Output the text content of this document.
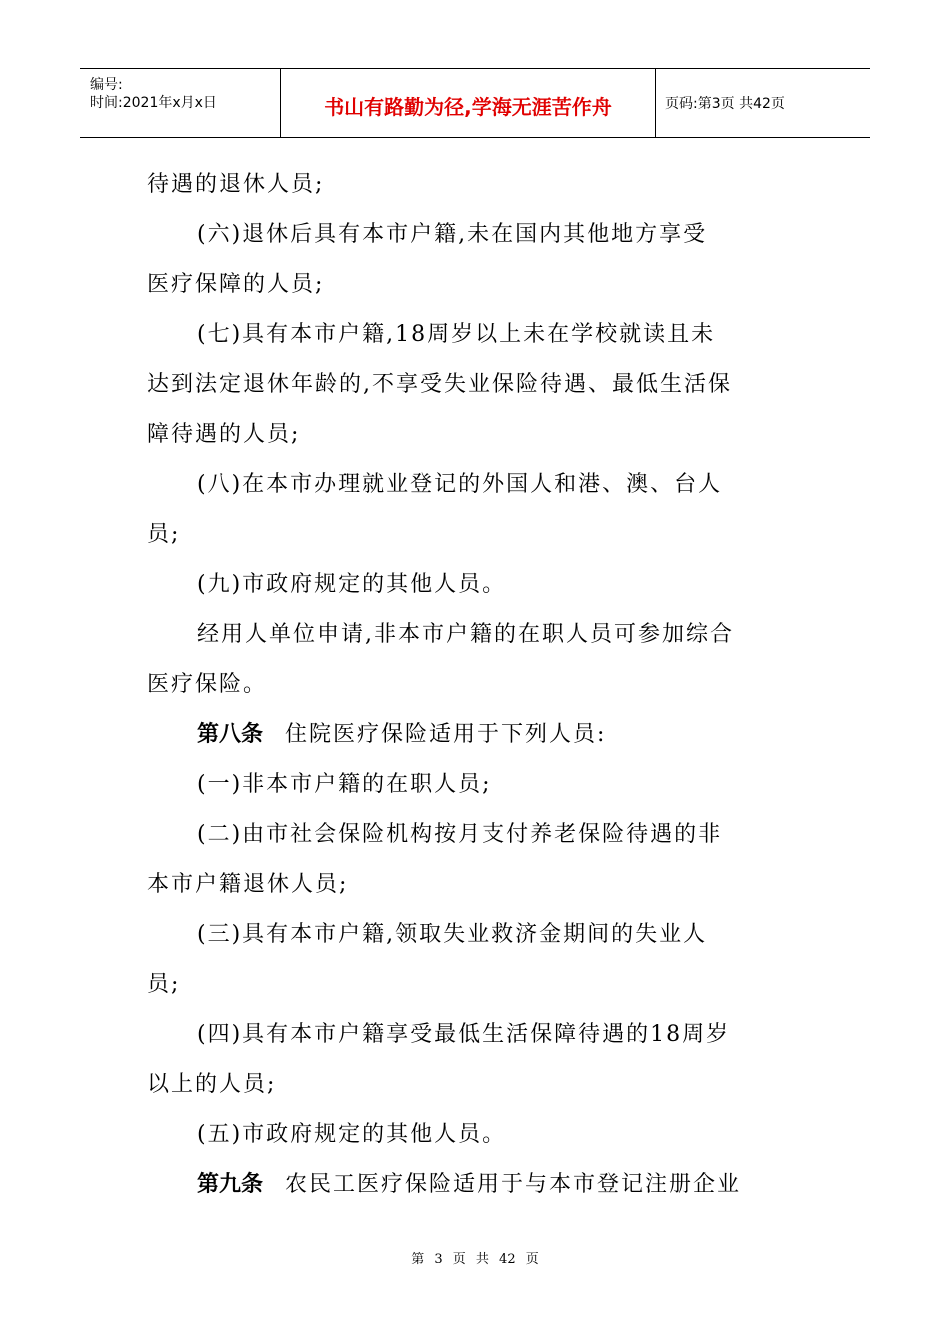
编号:
时间:2021年x月x日	书山有路勤为径,学海无涯苦作舟	页码:第3页 共42页
待遇的退休人员;
(六)退休后具有本市户籍,未在国内其他地方享受
医疗保障的人员;
(七)具有本市户籍,18周岁以上未在学校就读且未
达到法定退休年龄的,不享受失业保险待遇、最低生活保
障待遇的人员;
(八)在本市办理就业登记的外国人和港、澳、台人
员;
(九)市政府规定的其他人员。
经用人单位申请,非本市户籍的在职人员可参加综合
医疗保险。
第八条 住院医疗保险适用于下列人员:
(一)非本市户籍的在职人员;
(二)由市社会保险机构按月支付养老保险待遇的非
本市户籍退休人员;
(三)具有本市户籍,领取失业救济金期间的失业人
员;
(四)具有本市户籍享受最低生活保障待遇的18周岁
以上的人员;
(五)市政府规定的其他人员。
第九条 农民工医疗保险适用于与本市登记注册企业
第 3 页 共 42 页
